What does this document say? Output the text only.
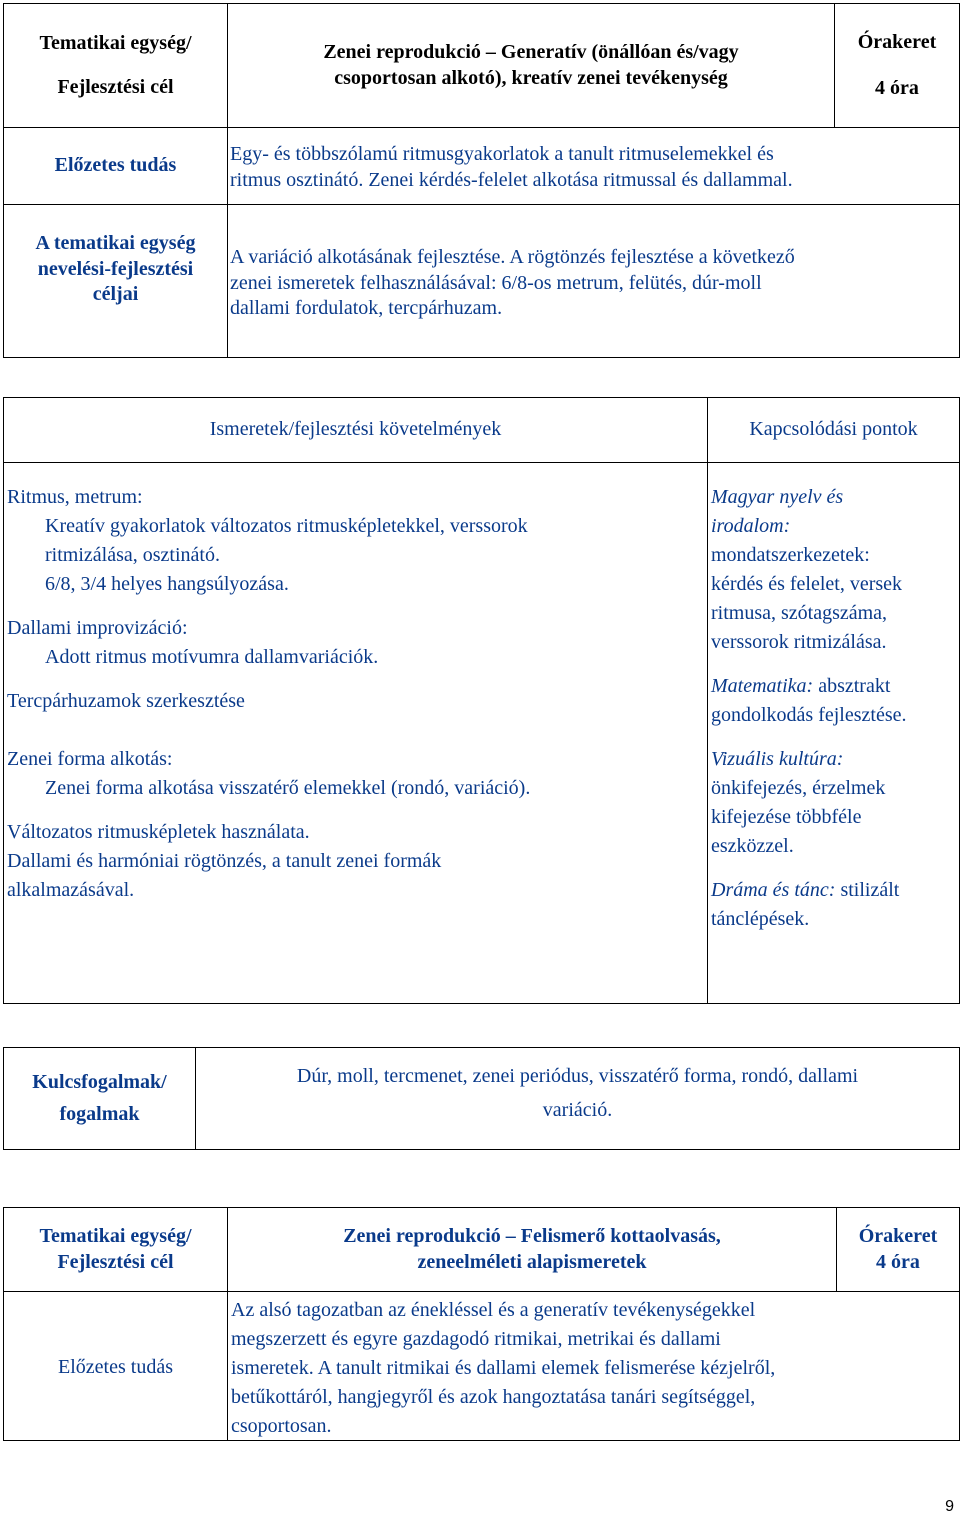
Tematikai egység/

Fejlesztési cél

Zenei reprodukció – Generatív (önállóan és/vagy

csoportosan alkotó), kreatív zenei tevékenység

Órakeret

4 óra

Előzetes tudás

Egy- és többszólamú ritmusgyakorlatok a tanult ritmuselemekkel és

ritmus osztinátó. Zenei kérdés-felelet alkotása ritmussal és dallammal.

A tematikai egység

nevelési-fejlesztési

céljai

A variáció alkotásának fejlesztése. A rögtönzés fejlesztése a következő

zenei ismeretek felhasználásával: 6/8-os metrum, felütés, dúr-moll

dallami fordulatok, tercpárhuzam.

Ismeretek/fejlesztési követelmények	Kapcsolódási pontok

Ritmus, metrum:

Kreatív gyakorlatok változatos ritmusképletekkel, verssorok

ritmizálása, osztinátó.

6/8, 3/4 helyes hangsúlyozása.

Dallami improvizáció:

Adott ritmus motívumra dallamvariációk.

Tercpárhuzamok szerkesztése

Zenei forma alkotás:

Zenei forma alkotása visszatérő elemekkel (rondó, variáció).

Változatos ritmusképletek használata.

Dallami és harmóniai rögtönzés, a tanult zenei formák

alkalmazásával.

Magyar nyelv és

irodalom:

mondatszerkezetek:

kérdés és felelet, versek

ritmusa, szótagszáma,

verssorok ritmizálása.

Matematika: absztrakt

gondolkodás fejlesztése.

Vizuális kultúra:

önkifejezés, érzelmek

kifejezése többféle

eszközzel.

Dráma és tánc: stilizált

tánclépések.

Kulcsfogalmak/

fogalmak

Dúr, moll, tercmenet, zenei periódus, visszatérő forma, rondó, dallami

variáció.

Tematikai egység/

Fejlesztési cél

Zenei reprodukció – Felismerő kottaolvasás,

zeneelméleti alapismeretek

Órakeret

4 óra

Előzetes tudás

Az alsó tagozatban az énekléssel és a generatív tevékenységekkel

megszerzett és egyre gazdagodó ritmikai, metrikai és dallami

ismeretek. A tanult ritmikai és dallami elemek felismerése kézjelről,

betűkottáról, hangjegyről és azok hangoztatása tanári segítséggel,

csoportosan.

9
